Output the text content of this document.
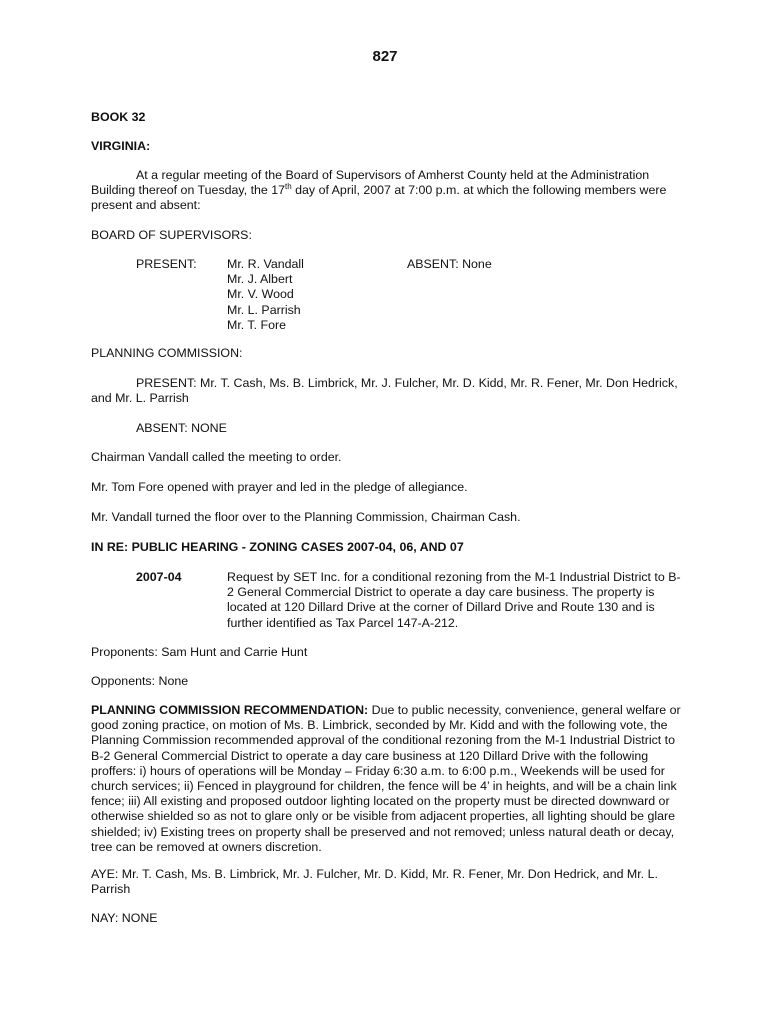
827

BOOK 32

VIRGINIA:

At a regular meeting of the Board of Supervisors of Amherst County held at the Administration Building thereof on Tuesday, the 17th day of April, 2007 at 7:00 p.m. at which the following members were present and absent:

BOARD OF SUPERVISORS:

PRESENT: Mr. R. Vandall
Mr. J. Albert
Mr. V. Wood
Mr. L. Parrish
Mr. T. Fore
ABSENT: None

PLANNING COMMISSION:

PRESENT: Mr. T. Cash, Ms. B. Limbrick, Mr. J. Fulcher, Mr. D. Kidd, Mr. R. Fener, Mr. Don Hedrick, and Mr. L. Parrish

ABSENT: NONE

Chairman Vandall called the meeting to order.

Mr. Tom Fore opened with prayer and led in the pledge of allegiance.

Mr. Vandall turned the floor over to the Planning Commission, Chairman Cash.

IN RE: PUBLIC HEARING - ZONING CASES 2007-04, 06, AND 07

2007-04	Request by SET Inc. for a conditional rezoning from the M-1 Industrial District to B-2 General Commercial District to operate a day care business. The property is located at 120 Dillard Drive at the corner of Dillard Drive and Route 130 and is further identified as Tax Parcel 147-A-212.

Proponents: Sam Hunt and Carrie Hunt

Opponents: None

PLANNING COMMISSION RECOMMENDATION: Due to public necessity, convenience, general welfare or good zoning practice, on motion of Ms. B. Limbrick, seconded by Mr. Kidd and with the following vote, the Planning Commission recommended approval of the conditional rezoning from the M-1 Industrial District to B-2 General Commercial District to operate a day care business at 120 Dillard Drive with the following proffers: i) hours of operations will be Monday – Friday 6:30 a.m. to 6:00 p.m., Weekends will be used for church services; ii) Fenced in playground for children, the fence will be 4’ in heights, and will be a chain link fence; iii) All existing and proposed outdoor lighting located on the property must be directed downward or otherwise shielded so as not to glare only or be visible from adjacent properties, all lighting should be glare shielded; iv) Existing trees on property shall be preserved and not removed; unless natural death or decay, tree can be removed at owners discretion.

AYE: Mr. T. Cash, Ms. B. Limbrick, Mr. J. Fulcher, Mr. D. Kidd, Mr. R. Fener, Mr. Don Hedrick, and Mr. L. Parrish

NAY: NONE
